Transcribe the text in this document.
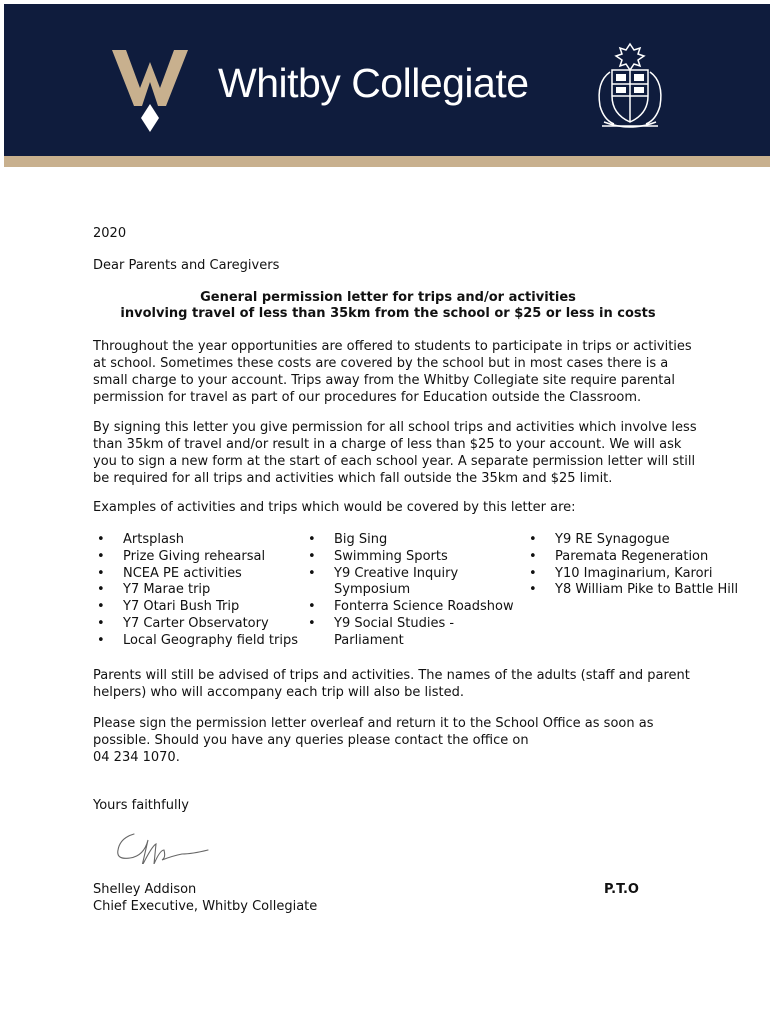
Whitby Collegiate
2020
Dear Parents and Caregivers
General permission letter for trips and/or activities
involving travel of less than 35km from the school or $25 or less in costs
Throughout the year opportunities are offered to students to participate in trips or activities
at school. Sometimes these costs are covered by the school but in most cases there is a
small charge to your account. Trips away from the Whitby Collegiate site require parental
permission for travel as part of our procedures for Education outside the Classroom.
By signing this letter you give permission for all school trips and activities which involve less
than 35km of travel and/or result in a charge of less than $25 to your account. We will ask
you to sign a new form at the start of each school year. A separate permission letter will still
be required for all trips and activities which fall outside the 35km and $25 limit.
Examples of activities and trips which would be covered by this letter are:
• Artsplash
• Prize Giving rehearsal
• NCEA PE activities
• Y7 Marae trip
• Y7 Otari Bush Trip
• Y7 Carter Observatory
• Local Geography field trips
• Big Sing
• Swimming Sports
• Y9 Creative Inquiry
Symposium
• Fonterra Science Roadshow
• Y9 Social Studies -
Parliament
• Y9 RE Synagogue
• Paremata Regeneration
• Y10 Imaginarium, Karori
• Y8 William Pike to Battle Hill
Parents will still be advised of trips and activities. The names of the adults (staff and parent
helpers) who will accompany each trip will also be listed.
Please sign the permission letter overleaf and return it to the School Office as soon as
possible. Should you have any queries please contact the office on
04 234 1070.
Yours faithfully
Shelley Addison
Chief Executive, Whitby Collegiate
P.T.O
